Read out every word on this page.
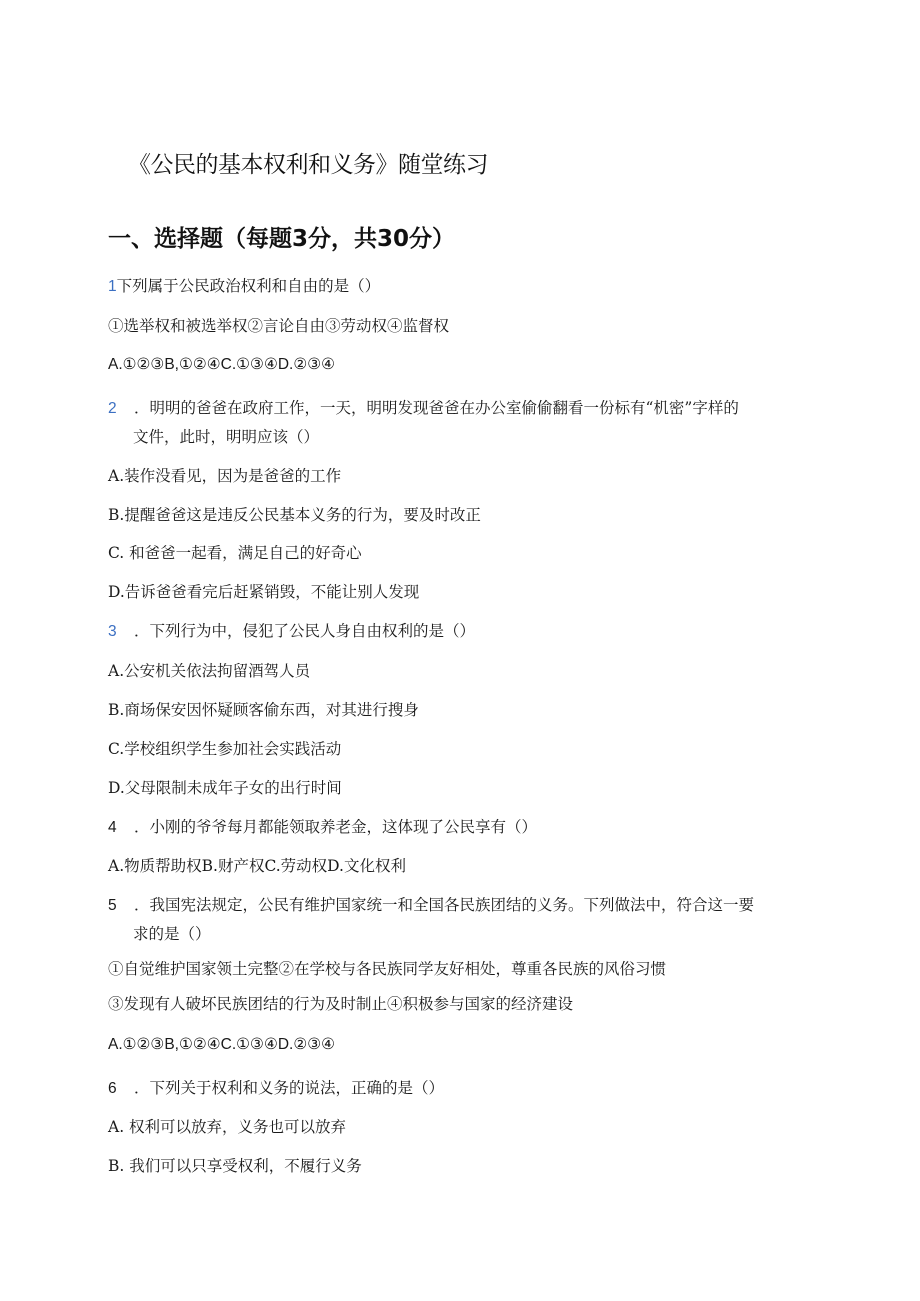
《公民的基本权利和义务》随堂练习
一、选择题（每题3分，共30分）
1下列属于公民政治权利和自由的是（）
①选举权和被选举权②言论自由③劳动权④监督权
A.①②③B,①②④C.①③④D.②③④
2 ．明明的爸爸在政府工作，一天，明明发现爸爸在办公室偷偷翻看一份标有“机密”字样的
文件，此时，明明应该（）
A.装作没看见，因为是爸爸的工作
B.提醒爸爸这是违反公民基本义务的行为，要及时改正
C. 和爸爸一起看，满足自己的好奇心
D.告诉爸爸看完后赶紧销毁，不能让别人发现
3 ．下列行为中，侵犯了公民人身自由权利的是（）
A.公安机关依法拘留酒驾人员
B.商场保安因怀疑顾客偷东西，对其进行搜身
C.学校组织学生参加社会实践活动
D.父母限制未成年子女的出行时间
4 ．小刚的爷爷每月都能领取养老金，这体现了公民享有（）
A.物质帮助权B.财产权C.劳动权D.文化权利
5 ．我国宪法规定，公民有维护国家统一和全国各民族团结的义务。下列做法中，符合这一要
求的是（）
①自觉维护国家领土完整②在学校与各民族同学友好相处，尊重各民族的风俗习惯
③发现有人破坏民族团结的行为及时制止④积极参与国家的经济建设
A.①②③B,①②④C.①③④D.②③④
6 ．下列关于权利和义务的说法，正确的是（）
A. 权利可以放弃，义务也可以放弃
B. 我们可以只享受权利，不履行义务
